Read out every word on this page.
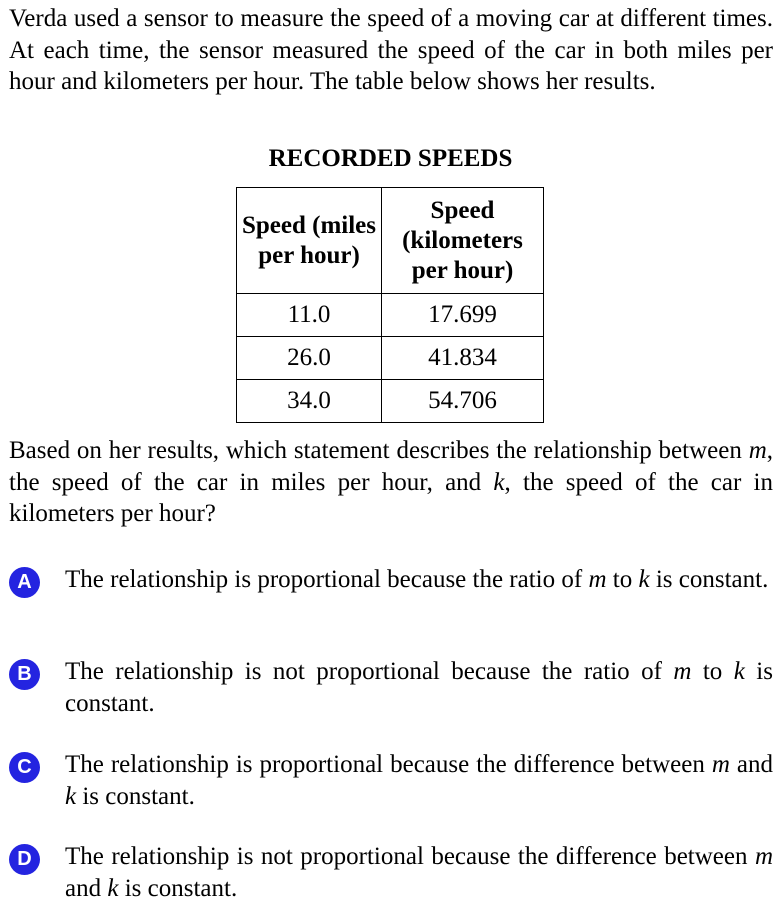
Verda used a sensor to measure the speed of a moving car at different times. At each time, the sensor measured the speed of the car in both miles per hour and kilometers per hour. The table below shows her results.

RECORDED SPEEDS
Speed (miles per hour)	Speed (kilometers per hour)
11.0	17.699
26.0	41.834
34.0	54.706

Based on her results, which statement describes the relationship between m, the speed of the car in miles per hour, and k, the speed of the car in kilometers per hour?

A	The relationship is proportional because the ratio of m to k is constant.
B	The relationship is not proportional because the ratio of m to k is constant.
C	The relationship is proportional because the difference between m and k is constant.
D	The relationship is not proportional because the difference between m and k is constant.
